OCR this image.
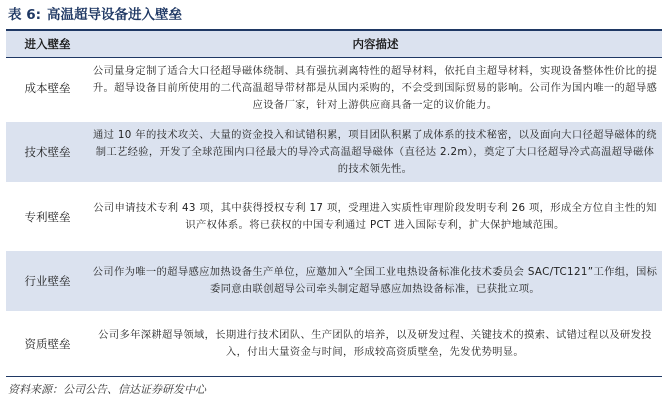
表 6: 高温超导设备进入壁垒
进入壁垒	内容描述
成本壁垒

公司量身定制了适合大口径超导磁体绕制、具有强抗剥离特性的超导材料，依托自主超导材料，实现设备整体性价比的提升。超导设备目前所使用的二代高温超导带材都是从国内采购的，不会受到国际贸易的影响。公司作为国内唯一的超导感应设备厂家，针对上游供应商具备一定的议价能力。

技术壁垒

通过 10 年的技术攻关、大量的资金投入和试错积累，项目团队积累了成体系的技术秘密，以及面向大口径超导磁体的绕制工艺经验，开发了全球范围内口径最大的导冷式高温超导磁体（直径达 2.2m），奠定了大口径超导冷式高温超导磁体的技术领先性。

专利壁垒

公司申请技术专利 43 项，其中获得授权专利 17 项，受理进入实质性审理阶段发明专利 26 项，形成全方位自主性的知识产权体系。将已获权的中国专利通过 PCT 进入国际专利，扩大保护地域范围。

行业壁垒

公司作为唯一的超导感应加热设备生产单位，应邀加入“全国工业电热设备标准化技术委员会 SAC/TC121”工作组，国标委同意由联创超导公司牵头制定超导感应加热设备标准，已获批立项。

资质壁垒

公司多年深耕超导领域，长期进行技术团队、生产团队的培养，以及研发过程、关键技术的摸索、试错过程以及研发投入，付出大量资金与时间，形成较高资质壁垒，先发优势明显。

资料来源：公司公告、信达证券研发中心
